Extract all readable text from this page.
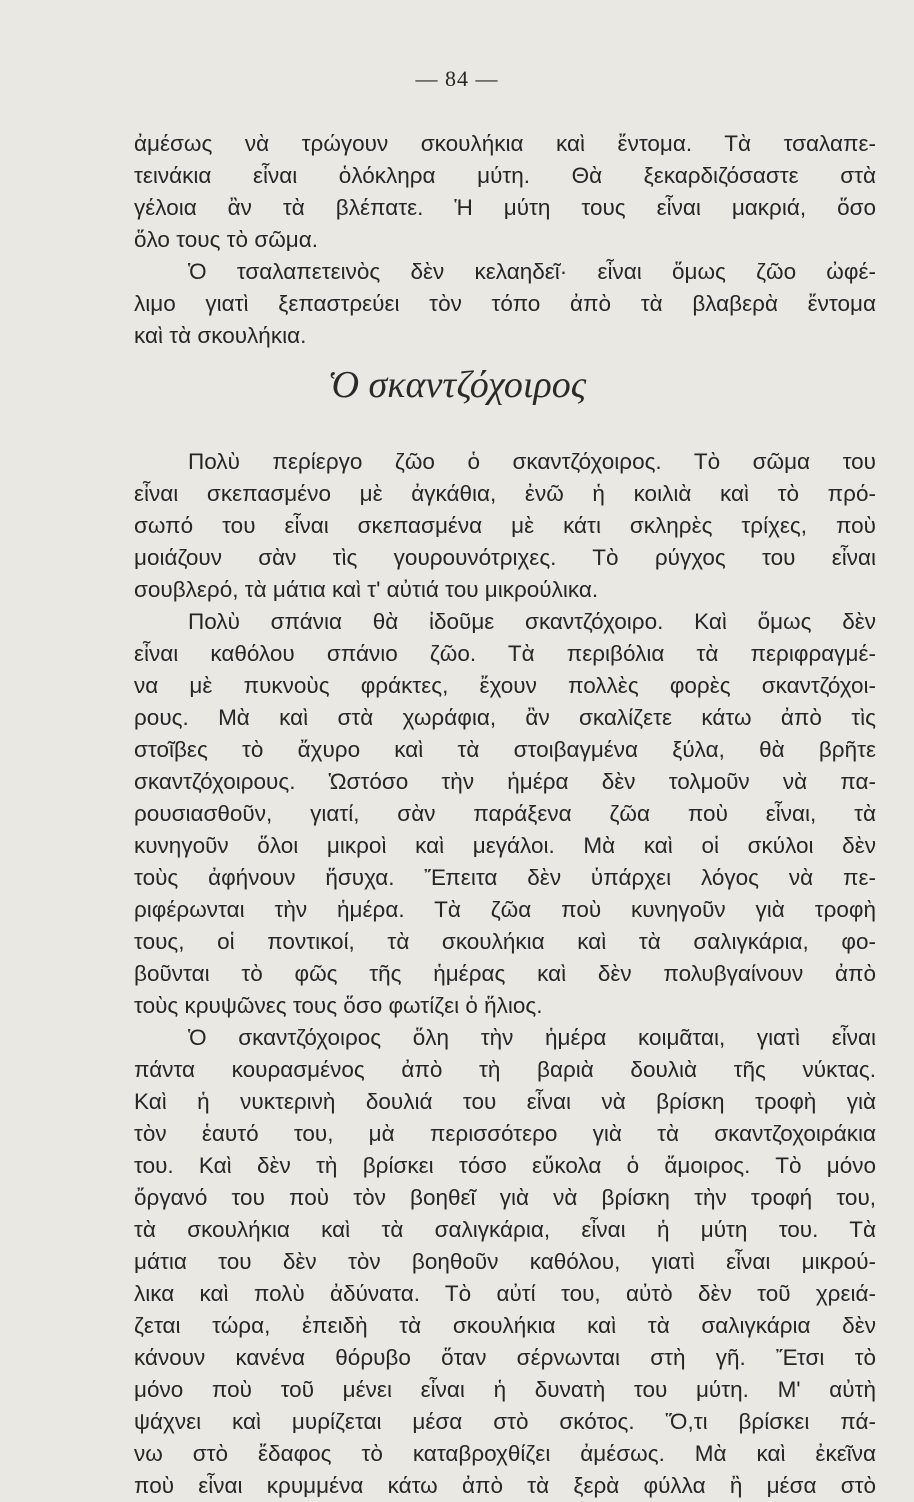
— 84 —
ἀμέσως νὰ τρώγουν σκουλήκια καὶ ἔντομα. Τὰ τσαλαπε-
τεινάκια εἶναι ὁλόκληρα μύτη. Θὰ ξεκαρδιζόσαστε στὰ
γέλοια ἂν τὰ βλέπατε. Ἡ μύτη τους εἶναι μακριά, ὅσο
ὅλο τους τὸ σῶμα.
Ὁ τσαλαπετεινὸς δὲν κελαηδεῖ· εἶναι ὅμως ζῶο ὠφέ-
λιμο γιατὶ ξεπαστρεύει τὸν τόπο ἀπὸ τὰ βλαβερὰ ἔντομα
καὶ τὰ σκουλήκια.
Ὁ σκαντζόχοιρος
Πολὺ περίεργο ζῶο ὁ σκαντζόχοιρος. Τὸ σῶμα του
εἶναι σκεπασμένο μὲ ἀγκάθια, ἐνῶ ἡ κοιλιὰ καὶ τὸ πρό-
σωπό του εἶναι σκεπασμένα μὲ κάτι σκληρὲς τρίχες, ποὺ
μοιάζουν σὰν τὶς γουρουνότριχες. Τὸ ρύγχος του εἶναι
σουβλερό, τὰ μάτια καὶ τ' αὐτιά του μικρούλικα.
Πολὺ σπάνια θὰ ἰδοῦμε σκαντζόχοιρο. Καὶ ὅμως δὲν
εἶναι καθόλου σπάνιο ζῶο. Τὰ περιβόλια τὰ περιφραγμέ-
να μὲ πυκνοὺς φράκτες, ἔχουν πολλὲς φορὲς σκαντζόχοι-
ρους. Μὰ καὶ στὰ χωράφια, ἂν σκαλίζετε κάτω ἀπὸ τὶς
στοῖβες τὸ ἄχυρο καὶ τὰ στοιβαγμένα ξύλα, θὰ βρῆτε
σκαντζόχοιρους. Ὡστόσο τὴν ἡμέρα δὲν τολμοῦν νὰ πα-
ρουσιασθοῦν, γιατί, σὰν παράξενα ζῶα ποὺ εἶναι, τὰ
κυνηγοῦν ὅλοι μικροὶ καὶ μεγάλοι. Μὰ καὶ οἱ σκύλοι δὲν
τοὺς ἀφήνουν ἥσυχα. Ἔπειτα δὲν ὑπάρχει λόγος νὰ πε-
ριφέρωνται τὴν ἡμέρα. Τὰ ζῶα ποὺ κυνηγοῦν γιὰ τροφὴ
τους, οἱ ποντικοί, τὰ σκουλήκια καὶ τὰ σαλιγκάρια, φο-
βοῦνται τὸ φῶς τῆς ἡμέρας καὶ δὲν πολυβγαίνουν ἀπὸ
τοὺς κρυψῶνες τους ὅσο φωτίζει ὁ ἥλιος.
Ὁ σκαντζόχοιρος ὅλη τὴν ἡμέρα κοιμᾶται, γιατὶ εἶναι
πάντα κουρασμένος ἀπὸ τὴ βαριὰ δουλιὰ τῆς νύκτας.
Καὶ ἡ νυκτερινὴ δουλιά του εἶναι νὰ βρίσκη τροφὴ γιὰ
τὸν ἑαυτό του, μὰ περισσότερο γιὰ τὰ σκαντζοχοιράκια
του. Καὶ δὲν τὴ βρίσκει τόσο εὔκολα ὁ ἄμοιρος. Τὸ μόνο
ὄργανό του ποὺ τὸν βοηθεῖ γιὰ νὰ βρίσκη τὴν τροφή του,
τὰ σκουλήκια καὶ τὰ σαλιγκάρια, εἶναι ἡ μύτη του. Τὰ
μάτια του δὲν τὸν βοηθοῦν καθόλου, γιατὶ εἶναι μικρού-
λικα καὶ πολὺ ἀδύνατα. Τὸ αὐτί του, αὐτὸ δὲν τοῦ χρειά-
ζεται τώρα, ἐπειδὴ τὰ σκουλήκια καὶ τὰ σαλιγκάρια δὲν
κάνουν κανένα θόρυβο ὅταν σέρνωνται στὴ γῆ. Ἔτσι τὸ
μόνο ποὺ τοῦ μένει εἶναι ἡ δυνατὴ του μύτη. Μ' αὐτὴ
ψάχνει καὶ μυρίζεται μέσα στὸ σκότος. Ὅ,τι βρίσκει πά-
νω στὸ ἔδαφος τὸ καταβροχθίζει ἀμέσως. Μὰ καὶ ἐκεῖνα
ποὺ εἶναι κρυμμένα κάτω ἀπὸ τὰ ξερὰ φύλλα ἢ μέσα στὸ
